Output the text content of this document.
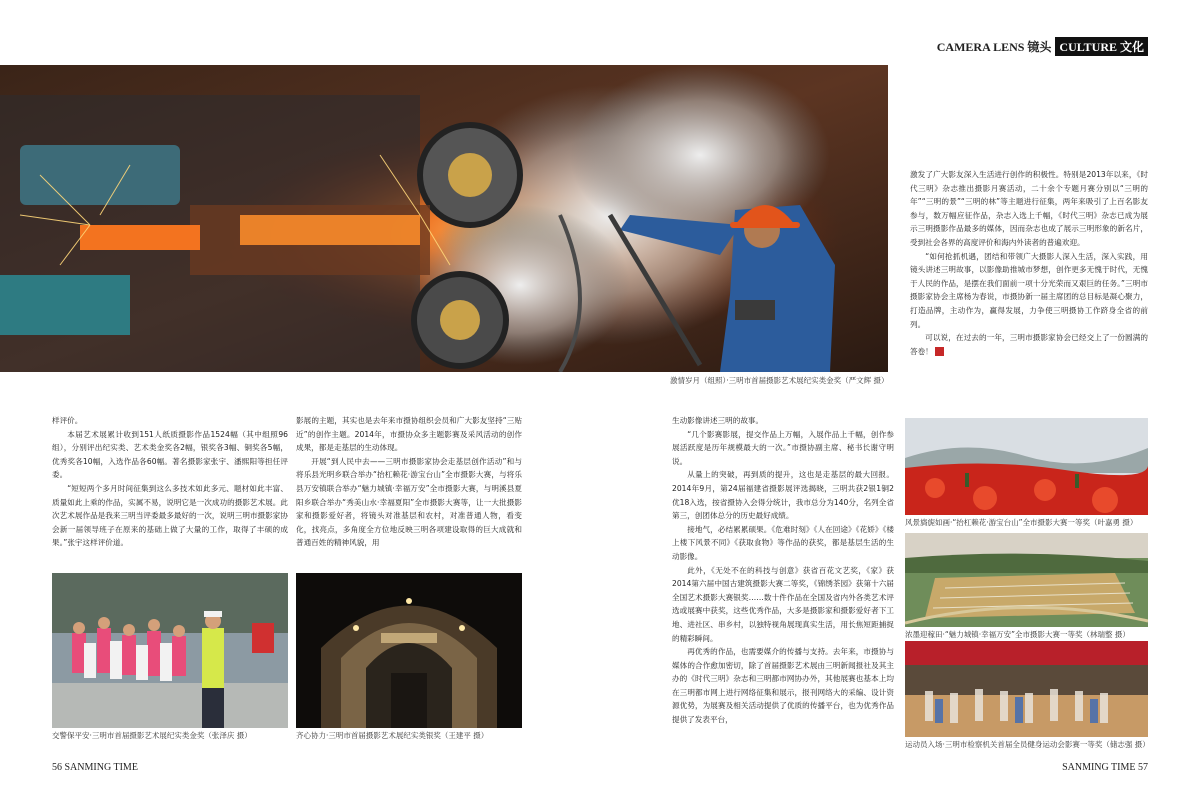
CAMERA LENS 镜头 CULTURE 文化
激情岁月（组照）·三明市首届摄影艺术展纪实类金奖（严文辉 摄）

激发了广大影友深入生活进行创作的积极性。特别是2013年以来，《时代三明》杂志推出摄影月赛活动，二十余个专题月赛分别以“三明的年”“三明的景”“三明的林”等主题进行征集，两年来吸引了上百名影友参与，数万幅应征作品，杂志入选上千幅，《时代三明》杂志已成为展示三明摄影作品最多的媒体，因而杂志也成了展示三明形象的新名片，受到社会各界的高度评价和海内外读者的普遍欢迎。

“如何抢抓机遇，团结和带领广大摄影人深入生活，深入实践，用镜头讲述三明故事，以影像助推城市梦想，创作更多无愧于时代，无愧于人民的作品，是摆在我们面前一项十分光荣而又艰巨的任务。”三明市摄影家协会主席杨为春说，市摄协新一届主席团的总目标是凝心聚力，打造品牌，主动作为，赢得发展，力争使三明摄协工作跻身全省的前列。

可以说，在过去的一年，三明市摄影家协会已经交上了一份圆满的答卷！	文

样评价。

本届艺术展累计收到151人纸质摄影作品1524幅（其中组照96组），分别评出纪实类、艺术类金奖各2幅，银奖各3幅、铜奖各5幅，优秀奖各10幅，入选作品各60幅。著名摄影家张宇、潘熙阳等担任评委。

“短短两个多月时间征集到这么多技术如此多元、题材如此丰富、质量如此上乘的作品，实属不易，说明它是一次成功的摄影艺术展。此次艺术展作品是我来三明当评委最多最好的一次，说明三明市摄影家协会新一届领导班子在原来的基础上做了大量的工作，取得了丰硕的成果。”张宇这样评价道。

影展的主题，其实也是去年来市摄协组织会员和广大影友坚持“三贴近”的创作主题。2014年，市摄协众多主题影赛及采风活动的创作成果，都是走基层的生动体现。

开展“到人民中去——三明市摄影家协会走基层创作活动”和与将乐县光明乡联合举办“抬杠赖花·游宝台山”全市摄影大赛，与将乐县万安镇联合举办“魅力城镇·幸福万安”全市摄影大赛，与明溪县夏阳乡联合举办“秀美山水·幸福夏阳”全市摄影大赛等，让一大批摄影家和摄影爱好者，将镜头对准基层和农村，对准普通人物，看变化，找亮点，多角度全方位地反映三明各项建设取得的巨大成就和普通百姓的精神风貌，用

生动影像讲述三明的故事。

“几个影赛影展，提交作品上万幅，入展作品上千幅，创作参展活跃度是历年规模最大的一次。”市摄协副主席、秘书长谢守明说。

从量上的突破，再到质的提升，这也是走基层的最大回报。2014年9月，第24届福建省摄影展评选揭晓，三明共获2银1铜2优18入选，按省摄协入会得分统计，我市总分为140分，名列全省第三，创团体总分的历史最好成绩。

接地气，必结累累硕果。《危难时刻》《人在回途》《花娇》《楼上楼下风景不同》《获取食物》等作品的获奖，都是基层生活的生动影像。

此外，《无处不在的科技与创意》获省百花文艺奖，《家》获2014第六届中国古建筑摄影大赛二等奖，《锦绣茶园》获第十六届全国艺术摄影大赛银奖……数十件作品在全国及省内外各类艺术评选或展赛中获奖，这些优秀作品，大多是摄影家和摄影爱好者下工地、进社区、串乡村，以独特视角展现真实生活，用长焦短距捕捉的精彩瞬间。

再优秀的作品，也需要媒介的传播与支持。去年来，市摄协与媒体的合作愈加密切，除了首届摄影艺术展由三明新闻报社及其主办的《时代三明》杂志和三明都市网协办外，其他展赛也基本上均在三明都市网上进行网络征集和展示，报刊网络大的采编、设计资源优势，为展赛及相关活动提供了优质的传播平台，也为优秀作品提供了发表平台，

交警保平安·三明市首届摄影艺术展纪实类金奖（张泽庆 摄）	齐心协力·三明市首届摄影艺术展纪实类银奖（王建平 摄）
风景旖旎如画·“抬杠赖花·游宝台山”全市摄影大赛一等奖（叶嘉勇 摄）
浓墨迎稼田·“魅力城镇·幸福万安”全市摄影大赛一等奖（林瑞整 摄）
运动员入场·三明市检察机关首届全员健身运动会影赛一等奖（储志强 摄）
56 SANMING TIME	SANMING TIME 57
